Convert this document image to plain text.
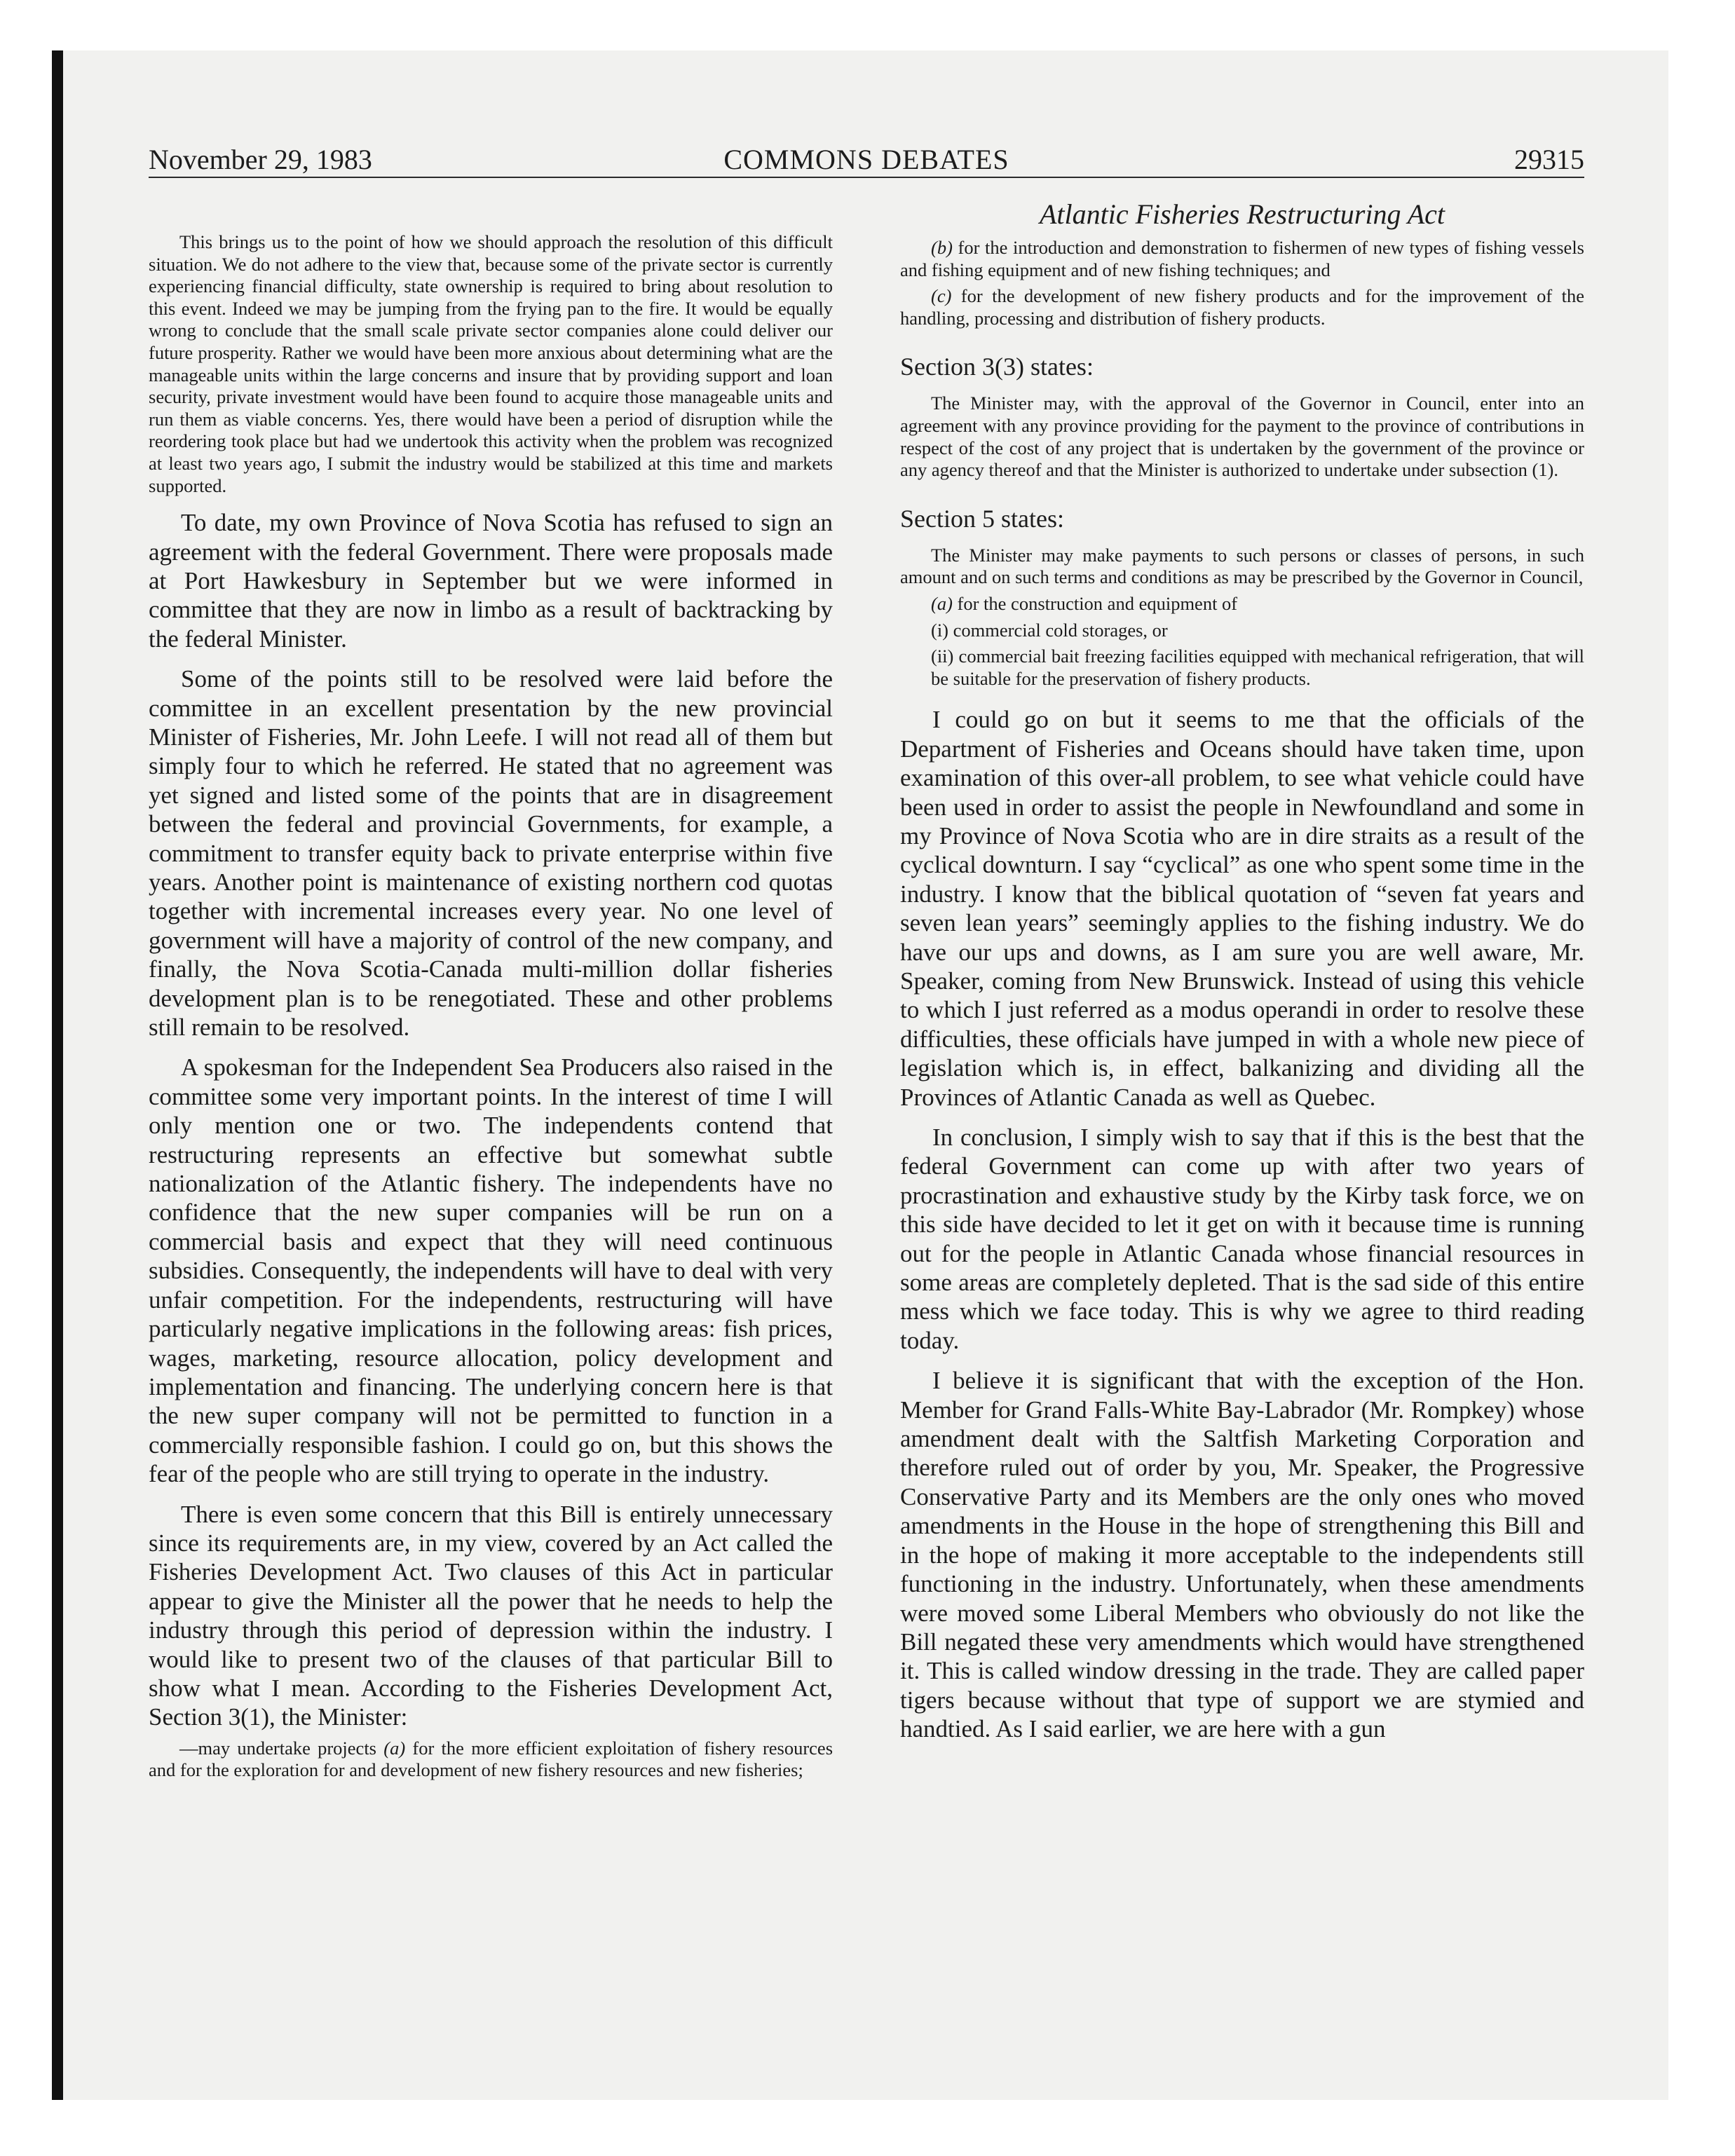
November 29, 1983	COMMONS DEBATES	29315

This brings us to the point of how we should approach the resolution of this difficult situation. We do not adhere to the view that, because some of the private sector is currently experiencing financial difficulty, state ownership is required to bring about resolution to this event. Indeed we may be jumping from the frying pan to the fire. It would be equally wrong to conclude that the small scale private sector companies alone could deliver our future prosperity. Rather we would have been more anxious about determining what are the manageable units within the large concerns and insure that by providing support and loan security, private investment would have been found to acquire those manageable units and run them as viable concerns. Yes, there would have been a period of disruption while the reordering took place but had we undertook this activity when the problem was recognized at least two years ago, I submit the industry would be stabilized at this time and markets supported.

To date, my own Province of Nova Scotia has refused to sign an agreement with the federal Government. There were proposals made at Port Hawkesbury in September but we were informed in committee that they are now in limbo as a result of backtracking by the federal Minister.

Some of the points still to be resolved were laid before the committee in an excellent presentation by the new provincial Minister of Fisheries, Mr. John Leefe. I will not read all of them but simply four to which he referred. He stated that no agreement was yet signed and listed some of the points that are in disagreement between the federal and provincial Governments, for example, a commitment to transfer equity back to private enterprise within five years. Another point is maintenance of existing northern cod quotas together with incremental increases every year. No one level of government will have a majority of control of the new company, and finally, the Nova Scotia-Canada multi-million dollar fisheries development plan is to be renegotiated. These and other problems still remain to be resolved.

A spokesman for the Independent Sea Producers also raised in the committee some very important points. In the interest of time I will only mention one or two. The independents contend that restructuring represents an effective but somewhat subtle nationalization of the Atlantic fishery. The independents have no confidence that the new super companies will be run on a commercial basis and expect that they will need continuous subsidies. Consequently, the independents will have to deal with very unfair competition. For the independents, restructuring will have particularly negative implications in the following areas: fish prices, wages, marketing, resource allocation, policy development and implementation and financing. The underlying concern here is that the new super company will not be permitted to function in a commercially responsible fashion. I could go on, but this shows the fear of the people who are still trying to operate in the industry.

There is even some concern that this Bill is entirely unnecessary since its requirements are, in my view, covered by an Act called the Fisheries Development Act. Two clauses of this Act in particular appear to give the Minister all the power that he needs to help the industry through this period of depression within the industry. I would like to present two of the clauses of that particular Bill to show what I mean. According to the Fisheries Development Act, Section 3(1), the Minister:

—may undertake projects (a) for the more efficient exploitation of fishery resources and for the exploration for and development of new fishery resources and new fisheries;

Atlantic Fisheries Restructuring Act

(b) for the introduction and demonstration to fishermen of new types of fishing vessels and fishing equipment and of new fishing techniques; and

(c) for the development of new fishery products and for the improvement of the handling, processing and distribution of fishery products.

Section 3(3) states:

The Minister may, with the approval of the Governor in Council, enter into an agreement with any province providing for the payment to the province of contributions in respect of the cost of any project that is undertaken by the government of the province or any agency thereof and that the Minister is authorized to undertake under subsection (1).

Section 5 states:

The Minister may make payments to such persons or classes of persons, in such amount and on such terms and conditions as may be prescribed by the Governor in Council,

(a) for the construction and equipment of

(i) commercial cold storages, or

(ii) commercial bait freezing facilities equipped with mechanical refrigeration, that will be suitable for the preservation of fishery products.

I could go on but it seems to me that the officials of the Department of Fisheries and Oceans should have taken time, upon examination of this over-all problem, to see what vehicle could have been used in order to assist the people in Newfoundland and some in my Province of Nova Scotia who are in dire straits as a result of the cyclical downturn. I say “cyclical” as one who spent some time in the industry. I know that the biblical quotation of “seven fat years and seven lean years” seemingly applies to the fishing industry. We do have our ups and downs, as I am sure you are well aware, Mr. Speaker, coming from New Brunswick. Instead of using this vehicle to which I just referred as a modus operandi in order to resolve these difficulties, these officials have jumped in with a whole new piece of legislation which is, in effect, balkanizing and dividing all the Provinces of Atlantic Canada as well as Quebec.

In conclusion, I simply wish to say that if this is the best that the federal Government can come up with after two years of procrastination and exhaustive study by the Kirby task force, we on this side have decided to let it get on with it because time is running out for the people in Atlantic Canada whose financial resources in some areas are completely depleted. That is the sad side of this entire mess which we face today. This is why we agree to third reading today.

I believe it is significant that with the exception of the Hon. Member for Grand Falls-White Bay-Labrador (Mr. Rompkey) whose amendment dealt with the Saltfish Marketing Corporation and therefore ruled out of order by you, Mr. Speaker, the Progressive Conservative Party and its Members are the only ones who moved amendments in the House in the hope of strengthening this Bill and in the hope of making it more acceptable to the independents still functioning in the industry. Unfortunately, when these amendments were moved some Liberal Members who obviously do not like the Bill negated these very amendments which would have strengthened it. This is called window dressing in the trade. They are called paper tigers because without that type of support we are stymied and handtied. As I said earlier, we are here with a gun
